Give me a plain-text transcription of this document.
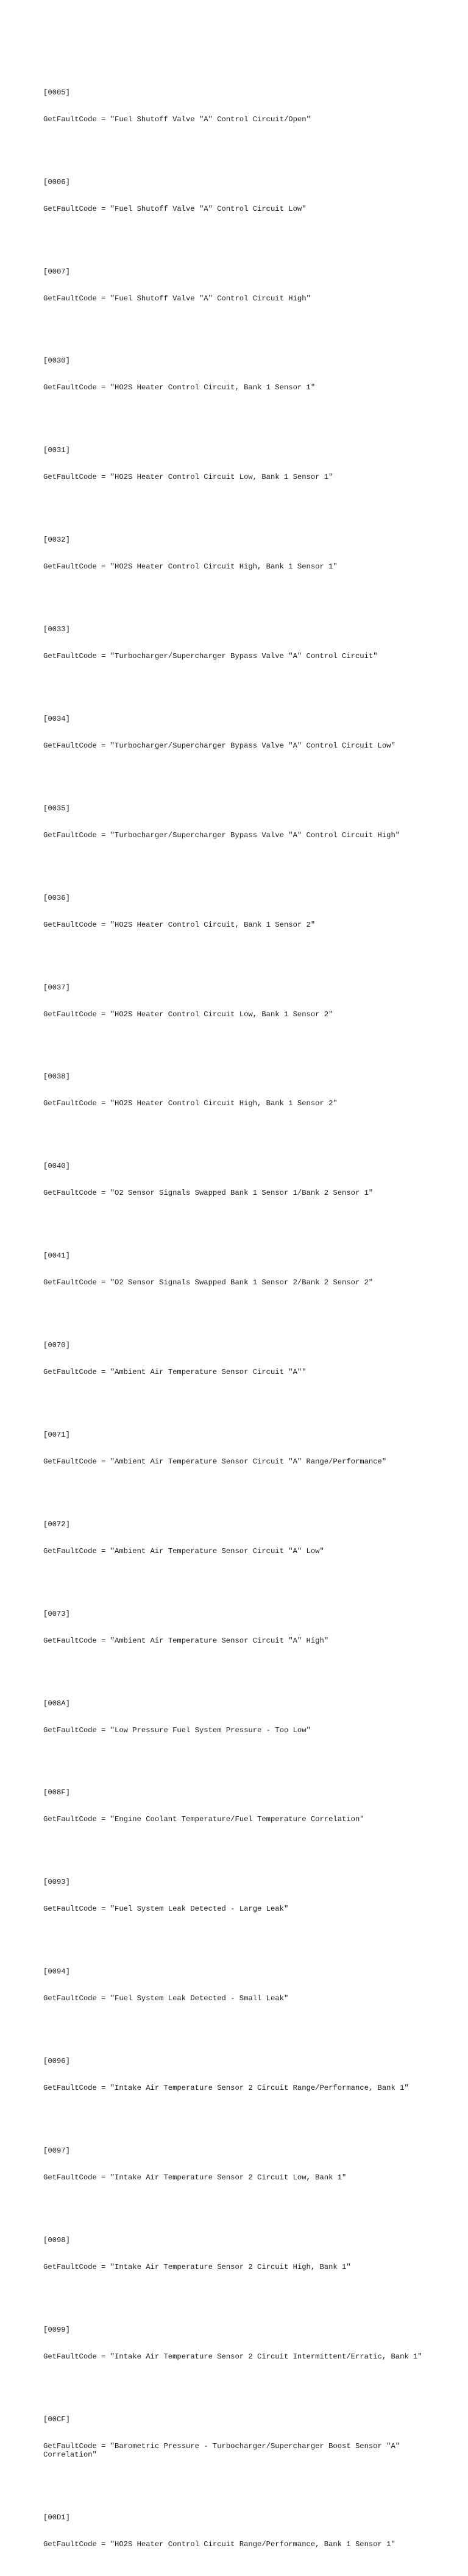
[0005]

GetFaultCode = "Fuel Shutoff Valve "A" Control Circuit/Open"

[0006]

GetFaultCode = "Fuel Shutoff Valve "A" Control Circuit Low"

[0007]

GetFaultCode = "Fuel Shutoff Valve "A" Control Circuit High"

[0030]

GetFaultCode = "HO2S Heater Control Circuit, Bank 1 Sensor 1"

[0031]

GetFaultCode = "HO2S Heater Control Circuit Low, Bank 1 Sensor 1"

[0032]

GetFaultCode = "HO2S Heater Control Circuit High, Bank 1 Sensor 1"

[0033]

GetFaultCode = "Turbocharger/Supercharger Bypass Valve "A" Control Circuit"

[0034]

GetFaultCode = "Turbocharger/Supercharger Bypass Valve "A" Control Circuit Low"

[0035]

GetFaultCode = "Turbocharger/Supercharger Bypass Valve "A" Control Circuit High"

[0036]

GetFaultCode = "HO2S Heater Control Circuit, Bank 1 Sensor 2"

[0037]

GetFaultCode = "HO2S Heater Control Circuit Low, Bank 1 Sensor 2"

[0038]

GetFaultCode = "HO2S Heater Control Circuit High, Bank 1 Sensor 2"

[0040]

GetFaultCode = "O2 Sensor Signals Swapped Bank 1 Sensor 1/Bank 2 Sensor 1"

[0041]

GetFaultCode = "O2 Sensor Signals Swapped Bank 1 Sensor 2/Bank 2 Sensor 2"

[0070]

GetFaultCode = "Ambient Air Temperature Sensor Circuit "A""

[0071]

GetFaultCode = "Ambient Air Temperature Sensor Circuit "A" Range/Performance"

[0072]

GetFaultCode = "Ambient Air Temperature Sensor Circuit "A" Low"

[0073]

GetFaultCode = "Ambient Air Temperature Sensor Circuit "A" High"

[008A]

GetFaultCode = "Low Pressure Fuel System Pressure - Too Low"

[008F]

GetFaultCode = "Engine Coolant Temperature/Fuel Temperature Correlation"

[0093]

GetFaultCode = "Fuel System Leak Detected - Large Leak"

[0094]

GetFaultCode = "Fuel System Leak Detected - Small Leak"

[0096]

GetFaultCode = "Intake Air Temperature Sensor 2 Circuit Range/Performance, Bank 1"

[0097]

GetFaultCode = "Intake Air Temperature Sensor 2 Circuit Low, Bank 1"

[0098]

GetFaultCode = "Intake Air Temperature Sensor 2 Circuit High, Bank 1"

[0099]

GetFaultCode = "Intake Air Temperature Sensor 2 Circuit Intermittent/Erratic, Bank 1"

[00CF]

GetFaultCode = "Barometric Pressure - Turbocharger/Supercharger Boost Sensor "A" Correlation"

[00D1]

GetFaultCode = "HO2S Heater Control Circuit Range/Performance, Bank 1 Sensor 1"
